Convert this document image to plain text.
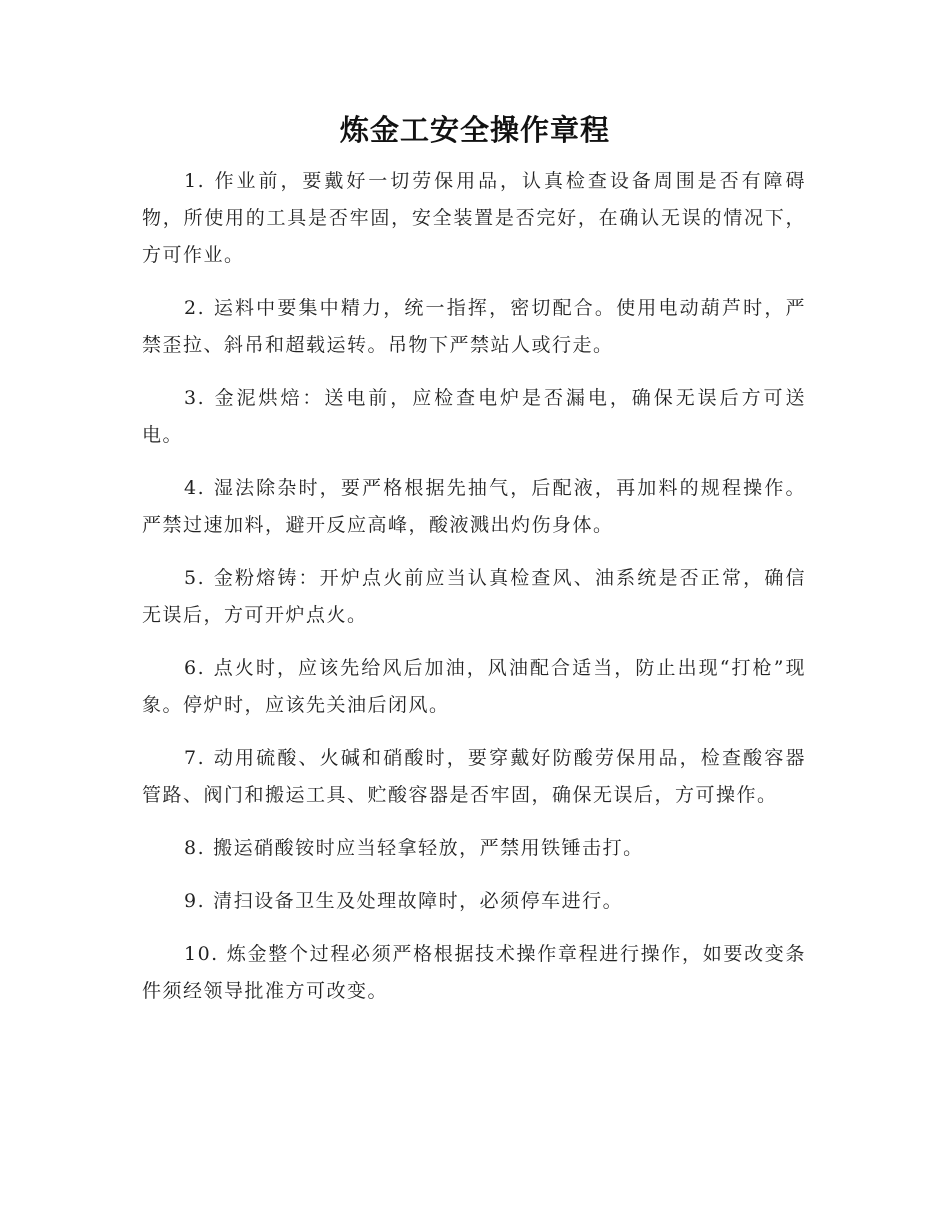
炼金工安全操作章程

1. 作业前，要戴好一切劳保用品，认真检查设备周围是否有障碍物，所使用的工具是否牢固，安全装置是否完好，在确认无误的情况下，方可作业。

2. 运料中要集中精力，统一指挥，密切配合。使用电动葫芦时，严禁歪拉、斜吊和超载运转。吊物下严禁站人或行走。

3. 金泥烘焙：送电前，应检查电炉是否漏电，确保无误后方可送电。

4. 湿法除杂时，要严格根据先抽气，后配液，再加料的规程操作。严禁过速加料，避开反应高峰，酸液溅出灼伤身体。

5. 金粉熔铸：开炉点火前应当认真检查风、油系统是否正常，确信无误后，方可开炉点火。

6. 点火时，应该先给风后加油，风油配合适当，防止出现“打枪”现象。停炉时，应该先关油后闭风。

7. 动用硫酸、火碱和硝酸时，要穿戴好防酸劳保用品，检查酸容器管路、阀门和搬运工具、贮酸容器是否牢固，确保无误后，方可操作。

8. 搬运硝酸铵时应当轻拿轻放，严禁用铁锤击打。

9. 清扫设备卫生及处理故障时，必须停车进行。

10. 炼金整个过程必须严格根据技术操作章程进行操作，如要改变条件须经领导批准方可改变。
